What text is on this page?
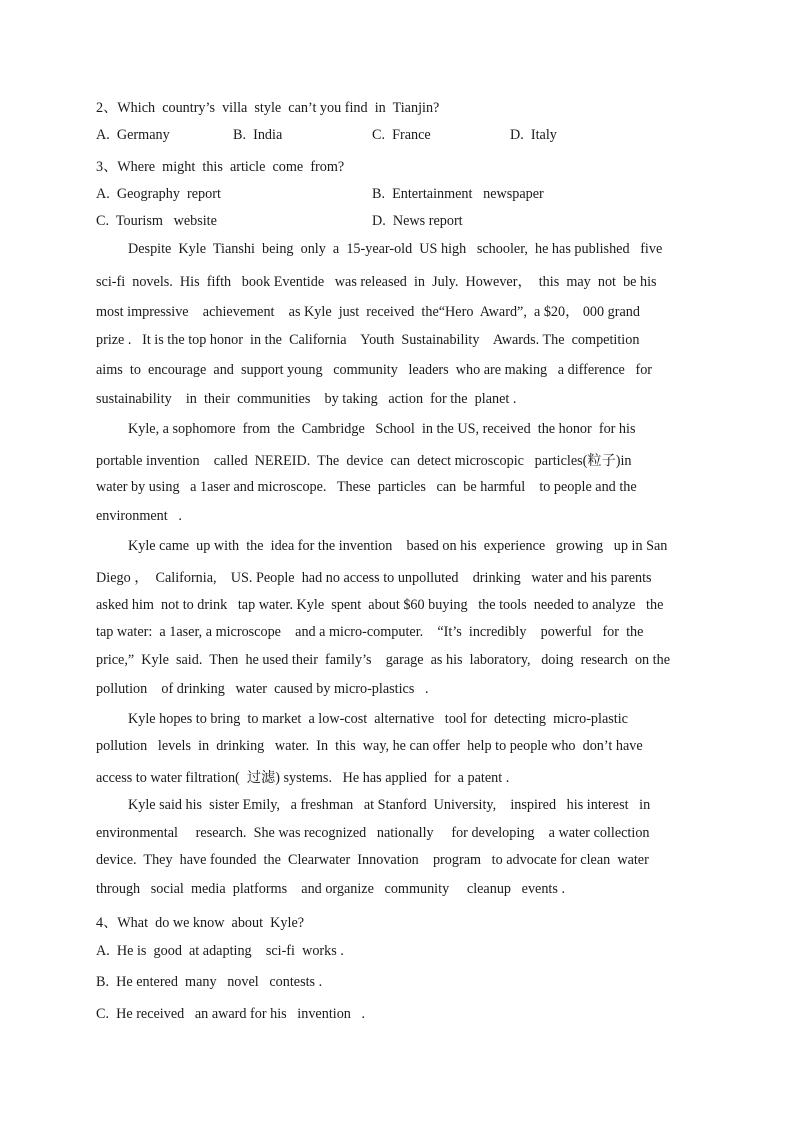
2、Which  country’s  villa  style  can’t you find  in  Tianjin?
A.  Germany	B.  India	C.  France	D.  Italy
3、Where  might  this  article  come  from?
A.  Geography  report	B.  Entertainment   newspaper
C.  Tourism   website	D.  News report
Despite  Kyle  Tianshi  being  only  a  15-year-old  US high   schooler,  he has published   five
sci-fi  novels.  His  fifth   book Eventide   was released  in  July.  However，  this  may  not  be his
most impressive    achievement    as Kyle  just  received  the“Hero  Award”,  a $20， 000 grand
prize .   It is the top honor  in the  California    Youth  Sustainability    Awards. The  competition
aims  to  encourage  and  support young   community   leaders  who are making   a difference   for
sustainability    in  their  communities    by taking   action  for the  planet .
Kyle, a sophomore  from  the  Cambridge   School  in the US, received  the honor  for his
portable invention    called  NEREID.  The  device  can  detect microscopic   particles(粒子)in
water by using   a 1aser and microscope.   These  particles   can  be harmful    to people and the
environment   .
Kyle came  up with  the  idea for the invention    based on his  experience   growing   up in San
Diego ，  California,    US. People  had no access to unpolluted    drinking   water and his parents
asked him  not to drink   tap water. Kyle  spent  about $60 buying   the tools  needed to analyze   the
tap water:  a 1aser, a microscope    and a micro-computer.    “It’s  incredibly    powerful   for  the
price,”  Kyle  said.  Then  he used their  family’s    garage  as his  laboratory,   doing  research  on the
pollution    of drinking   water  caused by micro-plastics   .
Kyle hopes to bring  to market  a low-cost  alternative   tool for  detecting  micro-plastic
pollution   levels  in  drinking   water.  In  this  way, he can offer  help to people who  don’t have
access to water filtration(  过滤) systems.   He has applied  for  a patent .
Kyle said his  sister Emily,   a freshman   at Stanford  University,    inspired   his interest   in
environmental     research.  She was recognized   nationally     for developing    a water collection
device.  They  have founded  the  Clearwater  Innovation    program   to advocate for clean  water
through   social  media  platforms    and organize   community     cleanup   events .
4、What  do we know  about  Kyle?
A.  He is  good  at adapting    sci-fi  works .
B.  He entered  many   novel   contests .
C.  He received   an award for his   invention   .
